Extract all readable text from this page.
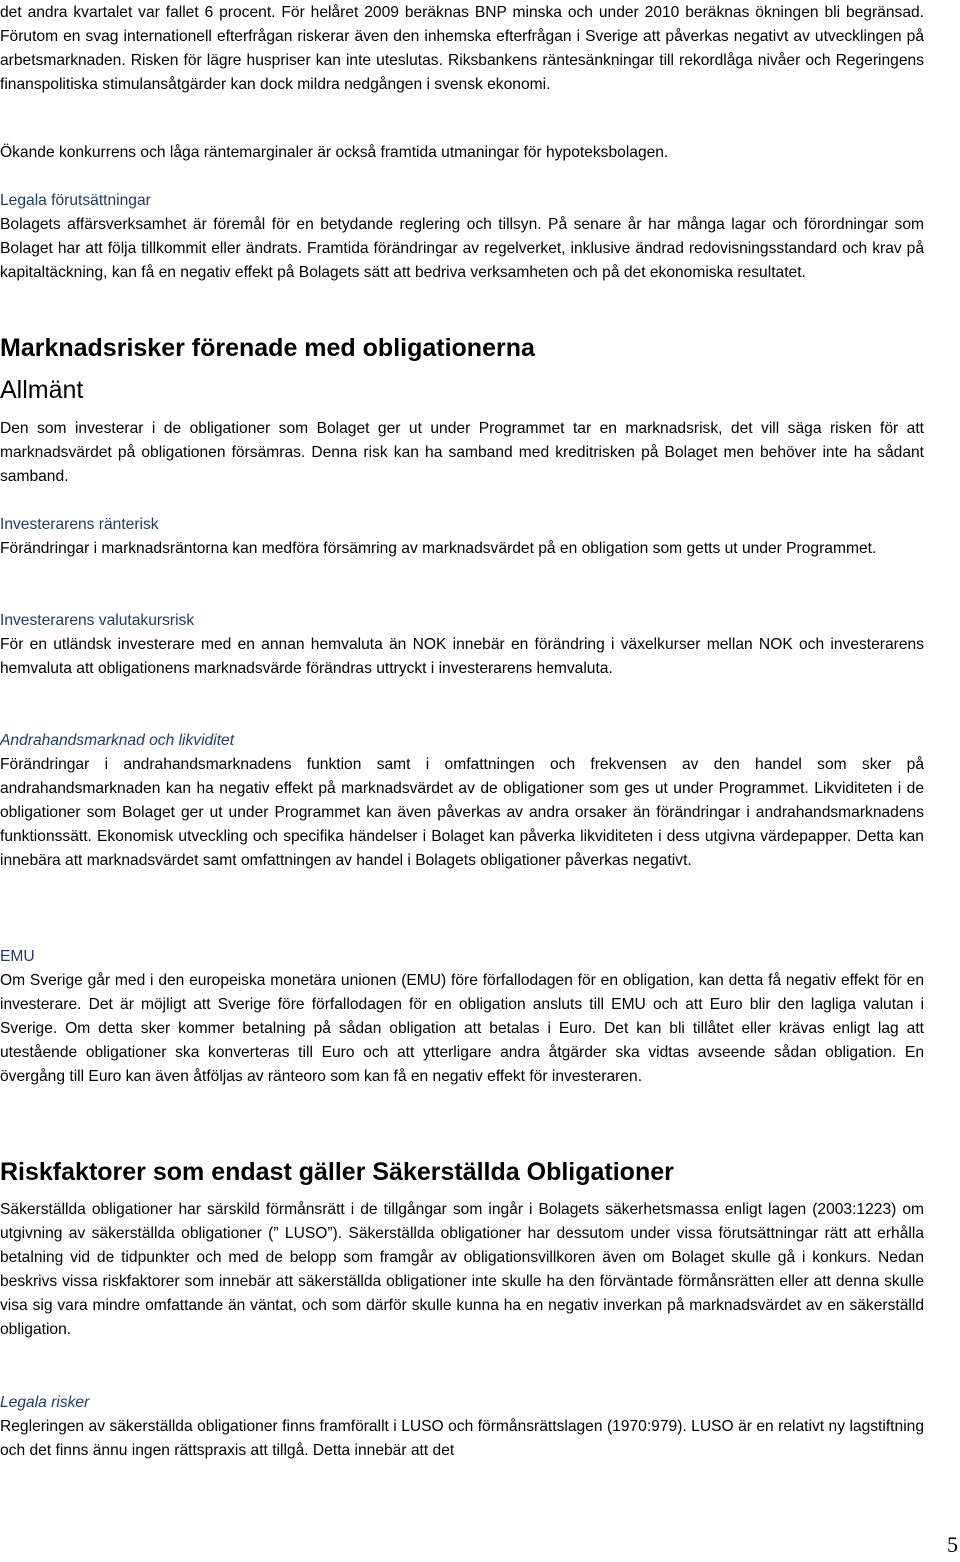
det andra kvartalet var fallet 6 procent. För helåret 2009 beräknas BNP minska och under 2010 beräknas ökningen bli begränsad. Förutom en svag internationell efterfrågan riskerar även den inhemska efterfrågan i Sverige att påverkas negativt av utvecklingen på arbetsmarknaden. Risken för lägre huspriser kan inte uteslutas. Riksbankens räntesänkningar till rekordlåga nivåer och Regeringens finanspolitiska stimulansåtgärder kan dock mildra nedgången i svensk ekonomi.

Ökande konkurrens och låga räntemarginaler är också framtida utmaningar för hypoteksbolagen.

Legala förutsättningar

Bolagets affärsverksamhet är föremål för en betydande reglering och tillsyn. På senare år har många lagar och förordningar som Bolaget har att följa tillkommit eller ändrats. Framtida förändringar av regelverket, inklusive ändrad redovisningsstandard och krav på kapitaltäckning, kan få en negativ effekt på Bolagets sätt att bedriva verksamheten och på det ekonomiska resultatet.

Marknadsrisker förenade med obligationerna

Allmänt

Den som investerar i de obligationer som Bolaget ger ut under Programmet tar en marknadsrisk, det vill säga risken för att marknadsvärdet på obligationen försämras. Denna risk kan ha samband med kreditrisken på Bolaget men behöver inte ha sådant samband.

Investerarens ränterisk

Förändringar i marknadsräntorna kan medföra försämring av marknadsvärdet på en obligation som getts ut under Programmet.

Investerarens valutakursrisk

För en utländsk investerare med en annan hemvaluta än NOK innebär en förändring i växelkurser mellan NOK och investerarens hemvaluta att obligationens marknadsvärde förändras uttryckt i investerarens hemvaluta.

Andrahandsmarknad och likviditet

Förändringar i andrahandsmarknadens funktion samt i omfattningen och frekvensen av den handel som sker på andrahandsmarknaden kan ha negativ effekt på marknadsvärdet av de obligationer som ges ut under Programmet. Likviditeten i de obligationer som Bolaget ger ut under Programmet kan även påverkas av andra orsaker än förändringar i andrahandsmarknadens funktionssätt. Ekonomisk utveckling och specifika händelser i Bolaget kan påverka likviditeten i dess utgivna värdepapper. Detta kan innebära att marknadsvärdet samt omfattningen av handel i Bolagets obligationer påverkas negativt.

EMU

Om Sverige går med i den europeiska monetära unionen (EMU) före förfallodagen för en obligation, kan detta få negativ effekt för en investerare. Det är möjligt att Sverige före förfallodagen för en obligation ansluts till EMU och att Euro blir den lagliga valutan i Sverige. Om detta sker kommer betalning på sådan obligation att betalas i Euro. Det kan bli tillåtet eller krävas enligt lag att utestående obligationer ska konverteras till Euro och att ytterligare andra åtgärder ska vidtas avseende sådan obligation. En övergång till Euro kan även åtföljas av ränteoro som kan få en negativ effekt för investeraren.

Riskfaktorer som endast gäller Säkerställda Obligationer

Säkerställda obligationer har särskild förmånsrätt i de tillgångar som ingår i Bolagets säkerhetsmassa enligt lagen (2003:1223) om utgivning av säkerställda obligationer (” LUSO”). Säkerställda obligationer har dessutom under vissa förutsättningar rätt att erhålla betalning vid de tidpunkter och med de belopp som framgår av obligationsvillkoren även om Bolaget skulle gå i konkurs. Nedan beskrivs vissa riskfaktorer som innebär att säkerställda obligationer inte skulle ha den förväntade förmånsrätten eller att denna skulle visa sig vara mindre omfattande än väntat, och som därför skulle kunna ha en negativ inverkan på marknadsvärdet av en säkerställd obligation.

Legala risker

Regleringen av säkerställda obligationer finns framförallt i LUSO och förmånsrättslagen (1970:979). LUSO är en relativt ny lagstiftning och det finns ännu ingen rättspraxis att tillgå. Detta innebär att det

5
